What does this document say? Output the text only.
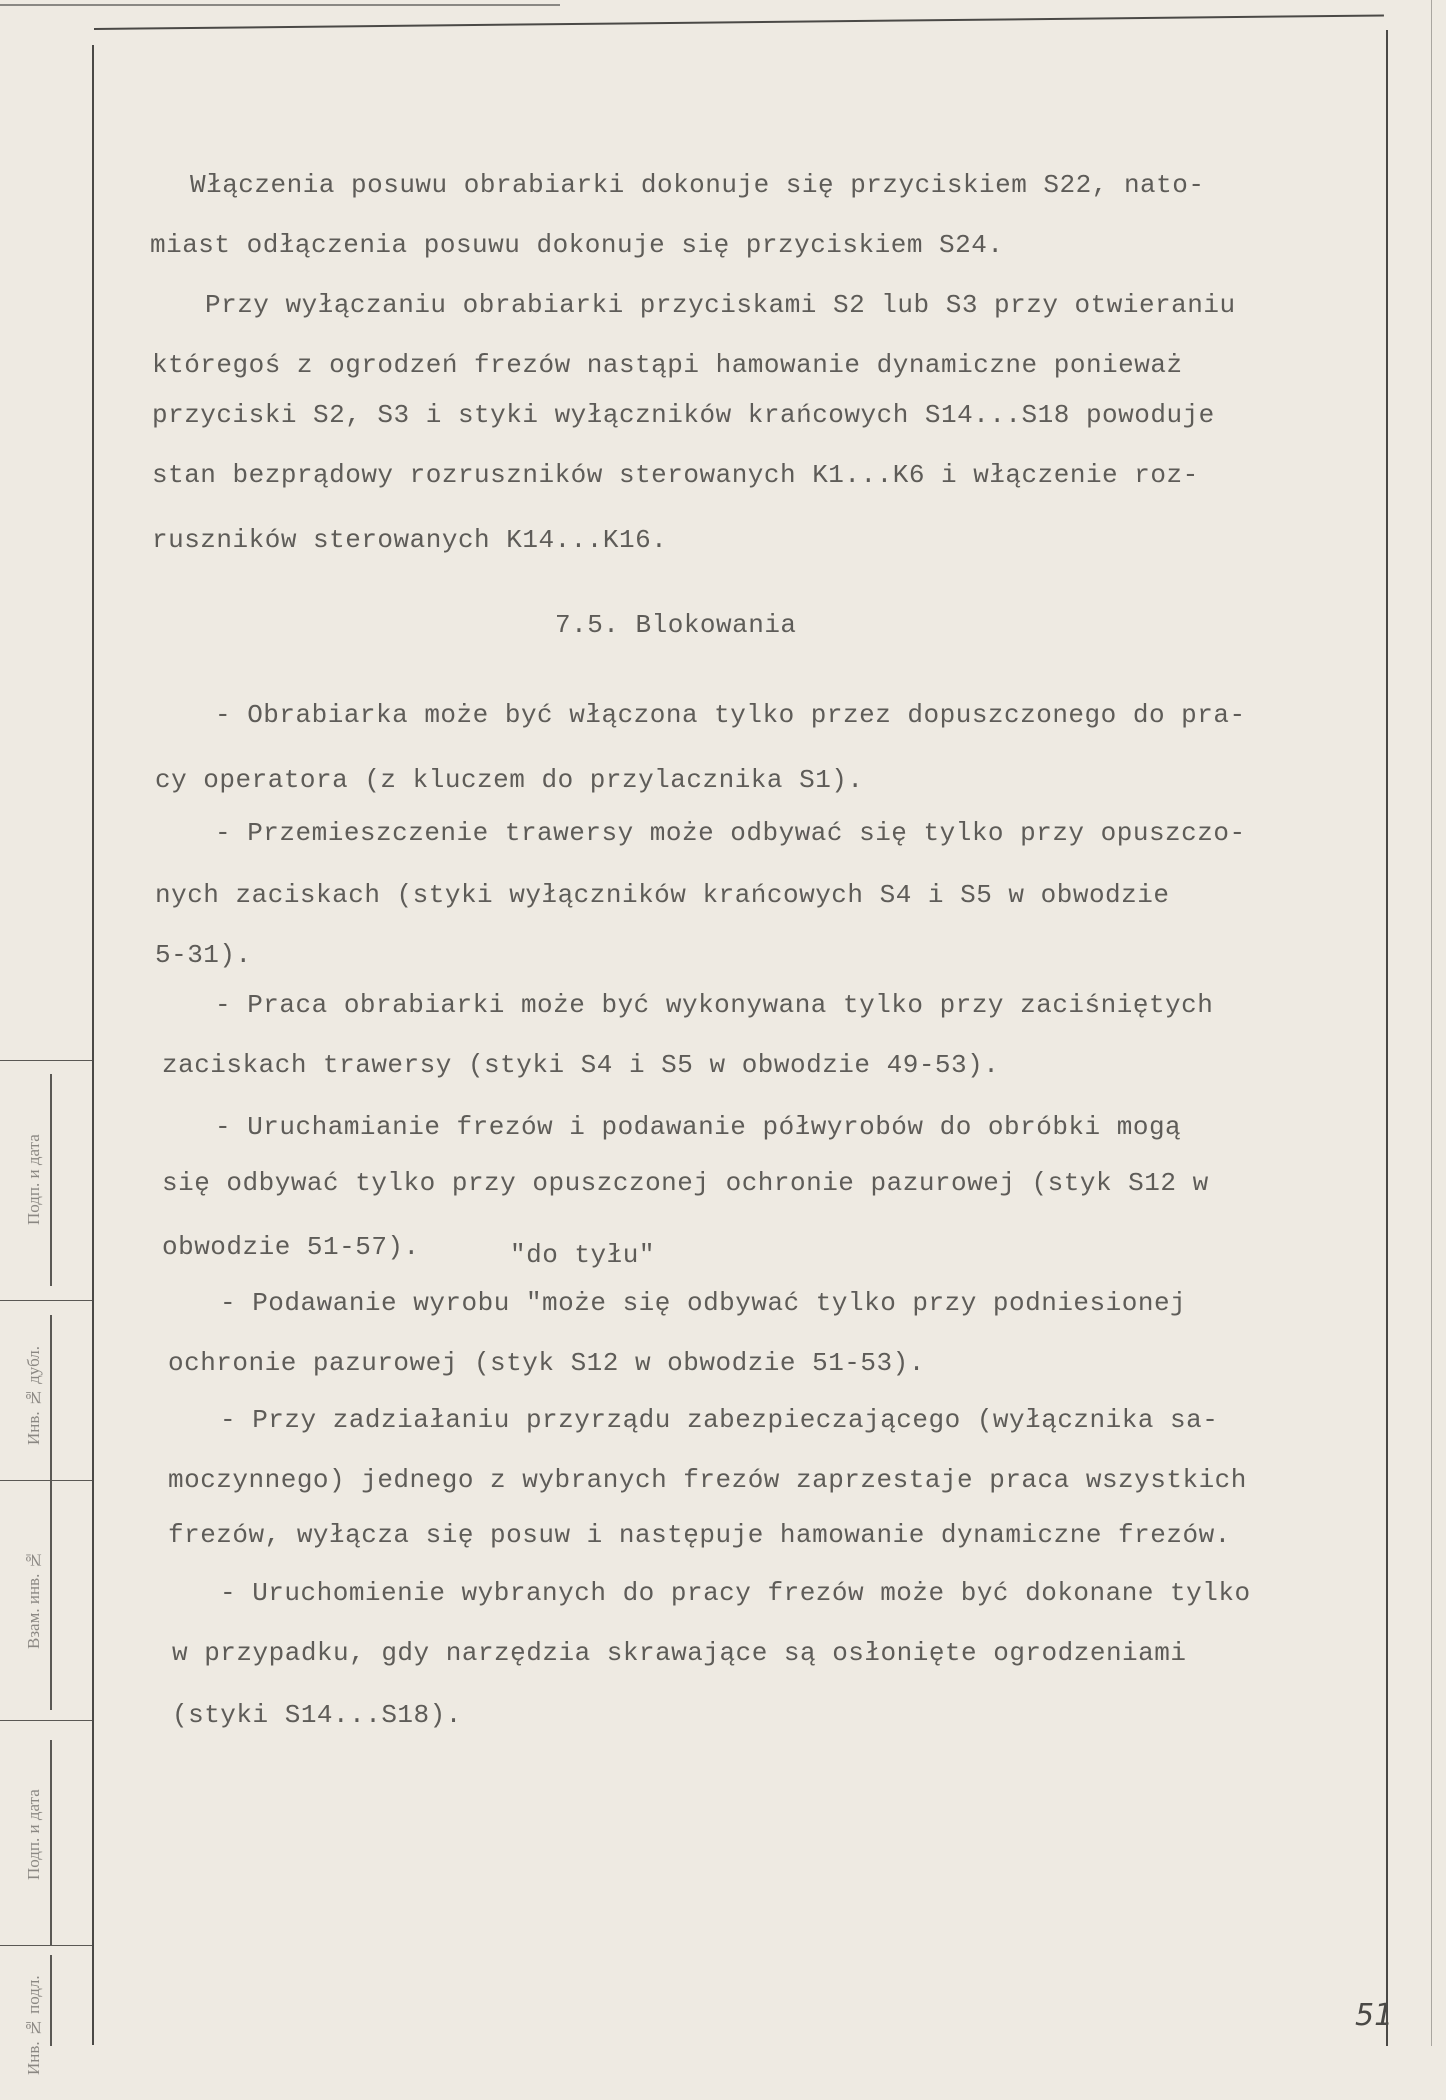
Подп. и дата
Инв. № дубл.
Взам. инв. №
Подп. и дата
Инв. № подл.
Włączenia posuwu obrabiarki dokonuje się przyciskiem S22, nato-
miast odłączenia posuwu dokonuje się przyciskiem S24.
Przy wyłączaniu obrabiarki przyciskami S2 lub S3 przy otwieraniu
któregoś z ogrodzeń frezów nastąpi hamowanie dynamiczne ponieważ
przyciski S2, S3 i styki wyłączników krańcowych S14...S18 powoduje
stan bezprądowy rozruszników sterowanych K1...K6 i włączenie roz-
ruszników sterowanych K14...K16.
7.5. Blokowania
- Obrabiarka może być włączona tylko przez dopuszczonego do pra-
cy operatora (z kluczem do przylacznika S1).
- Przemieszczenie trawersy może odbywać się tylko przy opuszczo-
nych zaciskach (styki wyłączników krańcowych S4 i S5 w obwodzie
5-31).
- Praca obrabiarki może być wykonywana tylko przy zaciśniętych
zaciskach trawersy (styki S4 i S5 w obwodzie 49-53).
- Uruchamianie frezów i podawanie półwyrobów do obróbki mogą
się odbywać tylko przy opuszczonej ochronie pazurowej (styk S12 w
obwodzie 51-57).	"do tyłu"
- Podawanie wyrobu "może się odbywać tylko przy podniesionej
ochronie pazurowej (styk S12 w obwodzie 51-53).
- Przy zadziałaniu przyrządu zabezpieczającego (wyłącznika sa-
moczynnego) jednego z wybranych frezów zaprzestaje praca wszystkich
frezów, wyłącza się posuw i następuje hamowanie dynamiczne frezów.
- Uruchomienie wybranych do pracy frezów może być dokonane tylko
w przypadku, gdy narzędzia skrawające są osłonięte ogrodzeniami
(styki S14...S18).
51
